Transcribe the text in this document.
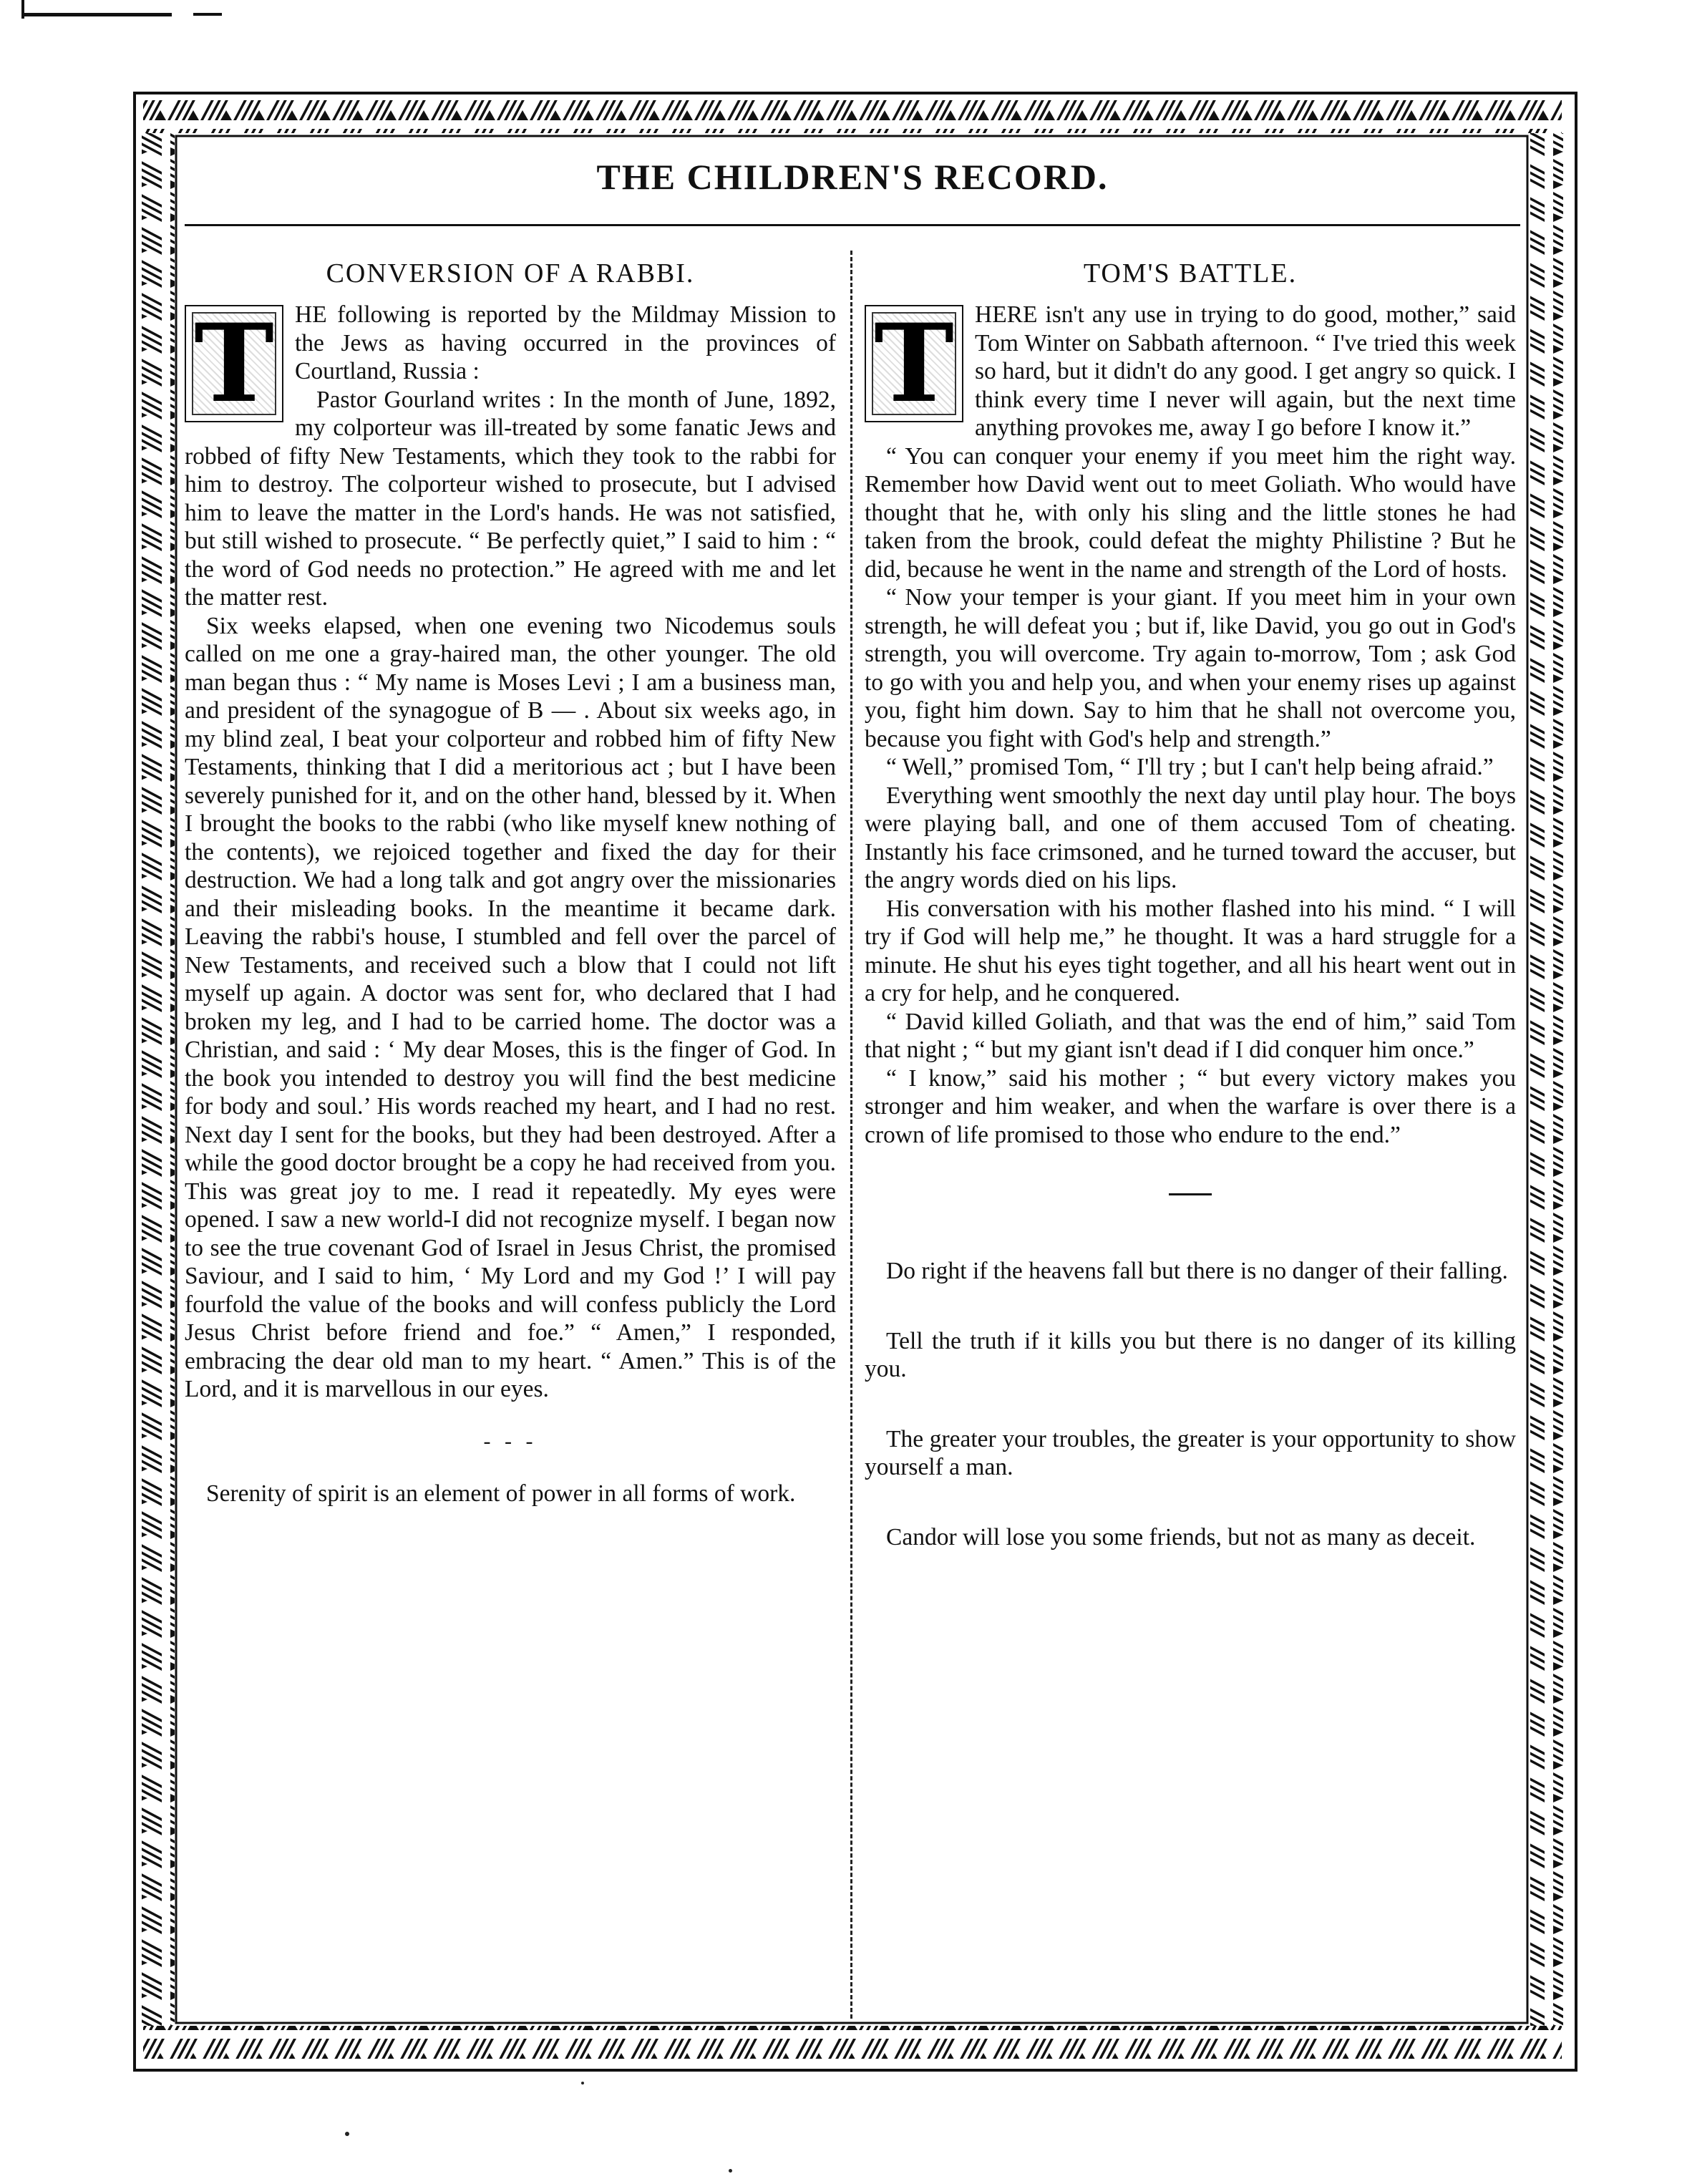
THE CHILDREN'S RECORD.
CONVERSION OF A RABBI.
T HE following is reported by the Mildmay Mission to the Jews as having occurred in the provinces of Courtland, Russia :

Pastor Gourland writes : In the month of June, 1892, my colporteur was ill-treated by some fanatic Jews and robbed of fifty New Testaments, which they took to the rabbi for him to destroy. The colporteur wished to prosecute, but I advised him to leave the matter in the Lord's hands. He was not satisfied, but still wished to prosecute. “ Be perfectly quiet,” I said to him : “ the word of God needs no protection.” He agreed with me and let the matter rest.

Six weeks elapsed, when one evening two Nicodemus souls called on me one a gray-haired man, the other younger. The old man began thus : “ My name is Moses Levi ; I am a business man, and president of the synagogue of B — . About six weeks ago, in my blind zeal, I beat your colporteur and robbed him of fifty New Testaments, thinking that I did a meritorious act ; but I have been severely punished for it, and on the other hand, blessed by it. When I brought the books to the rabbi (who like myself knew nothing of the contents), we rejoiced together and fixed the day for their destruction. We had a long talk and got angry over the missionaries and their misleading books. In the meantime it became dark. Leaving the rabbi's house, I stumbled and fell over the parcel of New Testaments, and received such a blow that I could not lift myself up again. A doctor was sent for, who declared that I had broken my leg, and I had to be carried home. The doctor was a Christian, and said : ‘ My dear Moses, this is the finger of God. In the book you intended to destroy you will find the best medicine for body and soul.’ His words reached my heart, and I had no rest. Next day I sent for the books, but they had been destroyed. After a while the good doctor brought be a copy he had received from you. This was great joy to me. I read it repeatedly. My eyes were opened. I saw a new world-I did not recognize myself. I began now to see the true covenant God of Israel in Jesus Christ, the promised Saviour, and I said to him, ‘ My Lord and my God !’ I will pay fourfold the value of the books and will confess publicly the Lord Jesus Christ before friend and foe.” “ Amen,” I responded, embracing the dear old man to my heart. “ Amen.” This is of the Lord, and it is marvellous in our eyes.

- - -

Serenity of spirit is an element of power in all forms of work.

TOM'S BATTLE.
T HERE isn't any use in trying to do good, mother,” said Tom Winter on Sabbath afternoon. “ I've tried this week so hard, but it didn't do any good. I get angry so quick. I think every time I never will again, but the next time anything provokes me, away I go before I know it.”

“ You can conquer your enemy if you meet him the right way. Remember how David went out to meet Goliath. Who would have thought that he, with only his sling and the little stones he had taken from the brook, could defeat the mighty Philistine ? But he did, because he went in the name and strength of the Lord of hosts.

“ Now your temper is your giant. If you meet him in your own strength, he will defeat you ; but if, like David, you go out in God's strength, you will overcome. Try again to-morrow, Tom ; ask God to go with you and help you, and when your enemy rises up against you, fight him down. Say to him that he shall not overcome you, because you fight with God's help and strength.”

“ Well,” promised Tom, “ I'll try ; but I can't help being afraid.”

Everything went smoothly the next day until play hour. The boys were playing ball, and one of them accused Tom of cheating. Instantly his face crimsoned, and he turned toward the accuser, but the angry words died on his lips.

His conversation with his mother flashed into his mind. “ I will try if God will help me,” he thought. It was a hard struggle for a minute. He shut his eyes tight together, and all his heart went out in a cry for help, and he conquered.

“ David killed Goliath, and that was the end of him,” said Tom that night ; “ but my giant isn't dead if I did conquer him once.”

“ I know,” said his mother ; “ but every victory makes you stronger and him weaker, and when the warfare is over there is a crown of life promised to those who endure to the end.”

Do right if the heavens fall but there is no danger of their falling.

Tell the truth if it kills you but there is no danger of its killing you.

The greater your troubles, the greater is your opportunity to show yourself a man.

Candor will lose you some friends, but not as many as deceit.
